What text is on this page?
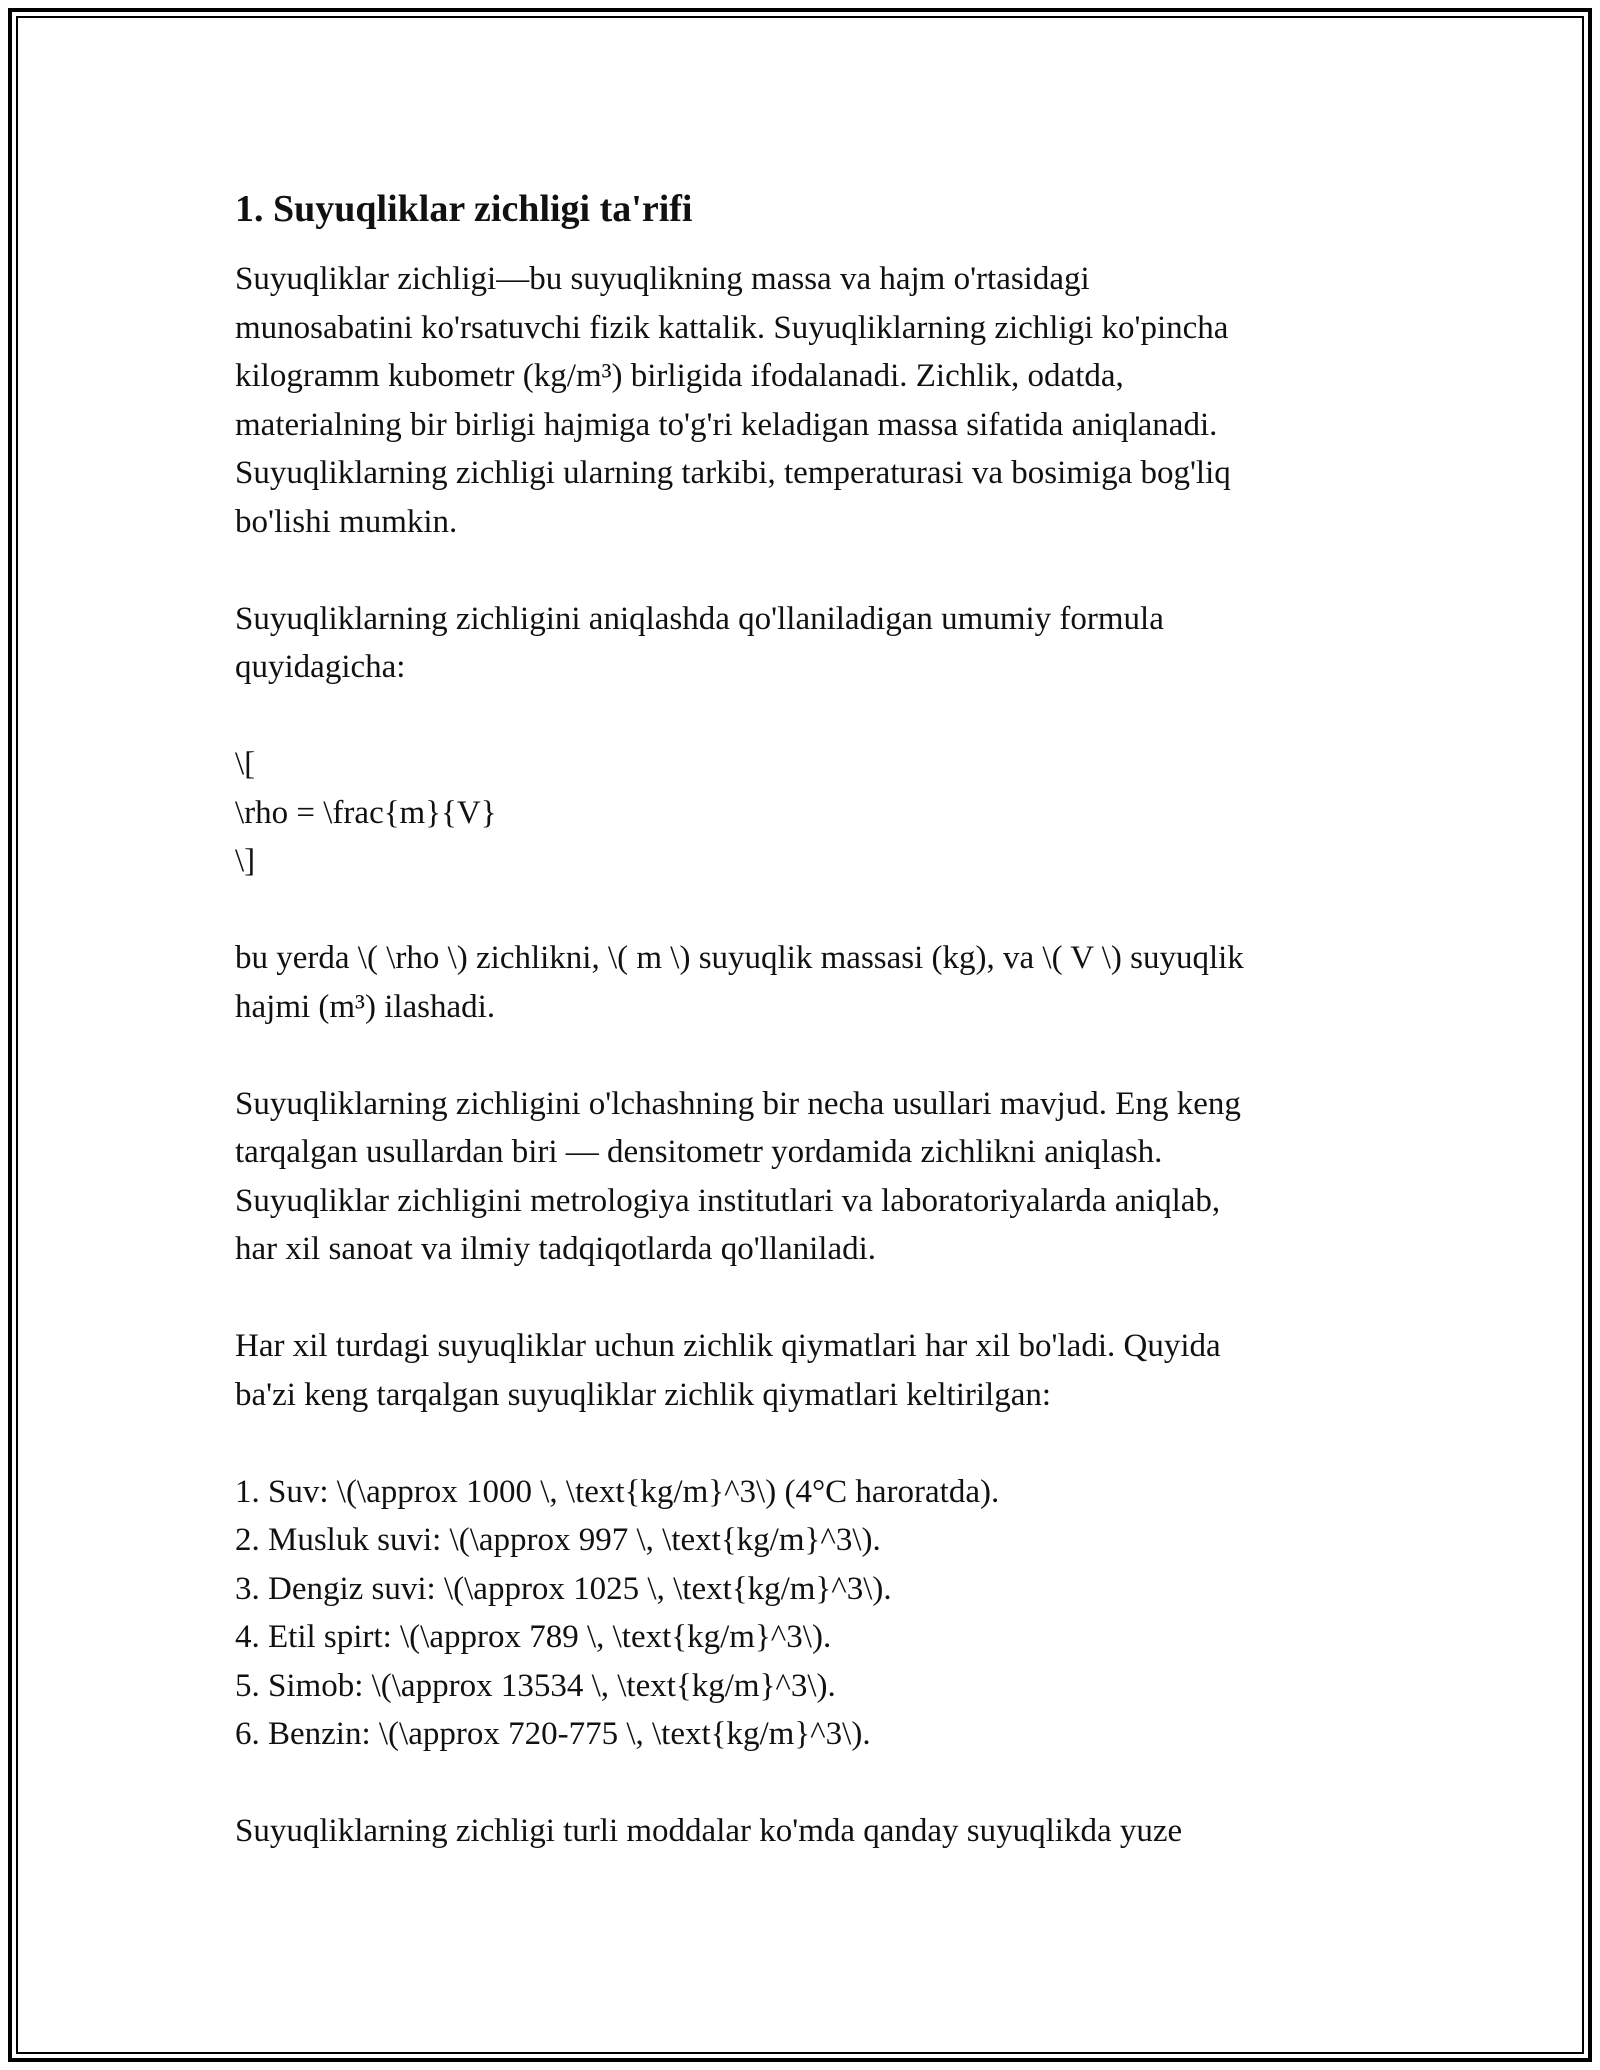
1. Suyuqliklar zichligi ta'rifi

Suyuqliklar zichligi—bu suyuqlikning massa va hajm o'rtasidagi
munosabatini ko'rsatuvchi fizik kattalik. Suyuqliklarning zichligi ko'pincha
kilogramm kubometr (kg/m³) birligida ifodalanadi. Zichlik, odatda,
materialning bir birligi hajmiga to'g'ri keladigan massa sifatida aniqlanadi.
Suyuqliklarning zichligi ularning tarkibi, temperaturasi va bosimiga bog'liq
bo'lishi mumkin.

Suyuqliklarning zichligini aniqlashda qo'llaniladigan umumiy formula
quyidagicha:

\[
\rho = \frac{m}{V}
\]

bu yerda \( \rho \) zichlikni, \( m \) suyuqlik massasi (kg), va \( V \) suyuqlik
hajmi (m³) ilashadi.

Suyuqliklarning zichligini o'lchashning bir necha usullari mavjud. Eng keng
tarqalgan usullardan biri — densitometr yordamida zichlikni aniqlash.
Suyuqliklar zichligini metrologiya institutlari va laboratoriyalarda aniqlab,
har xil sanoat va ilmiy tadqiqotlarda qo'llaniladi.

Har xil turdagi suyuqliklar uchun zichlik qiymatlari har xil bo'ladi. Quyida
ba'zi keng tarqalgan suyuqliklar zichlik qiymatlari keltirilgan:

1. Suv: \(\approx 1000 \, \text{kg/m}^3\) (4°C haroratda).
2. Musluk suvi: \(\approx 997 \, \text{kg/m}^3\).
3. Dengiz suvi: \(\approx 1025 \, \text{kg/m}^3\).
4. Etil spirt: \(\approx 789 \, \text{kg/m}^3\).
5. Simob: \(\approx 13534 \, \text{kg/m}^3\).
6. Benzin: \(\approx 720-775 \, \text{kg/m}^3\).

Suyuqliklarning zichligi turli moddalar ko'mda qanday suyuqlikda yuze
